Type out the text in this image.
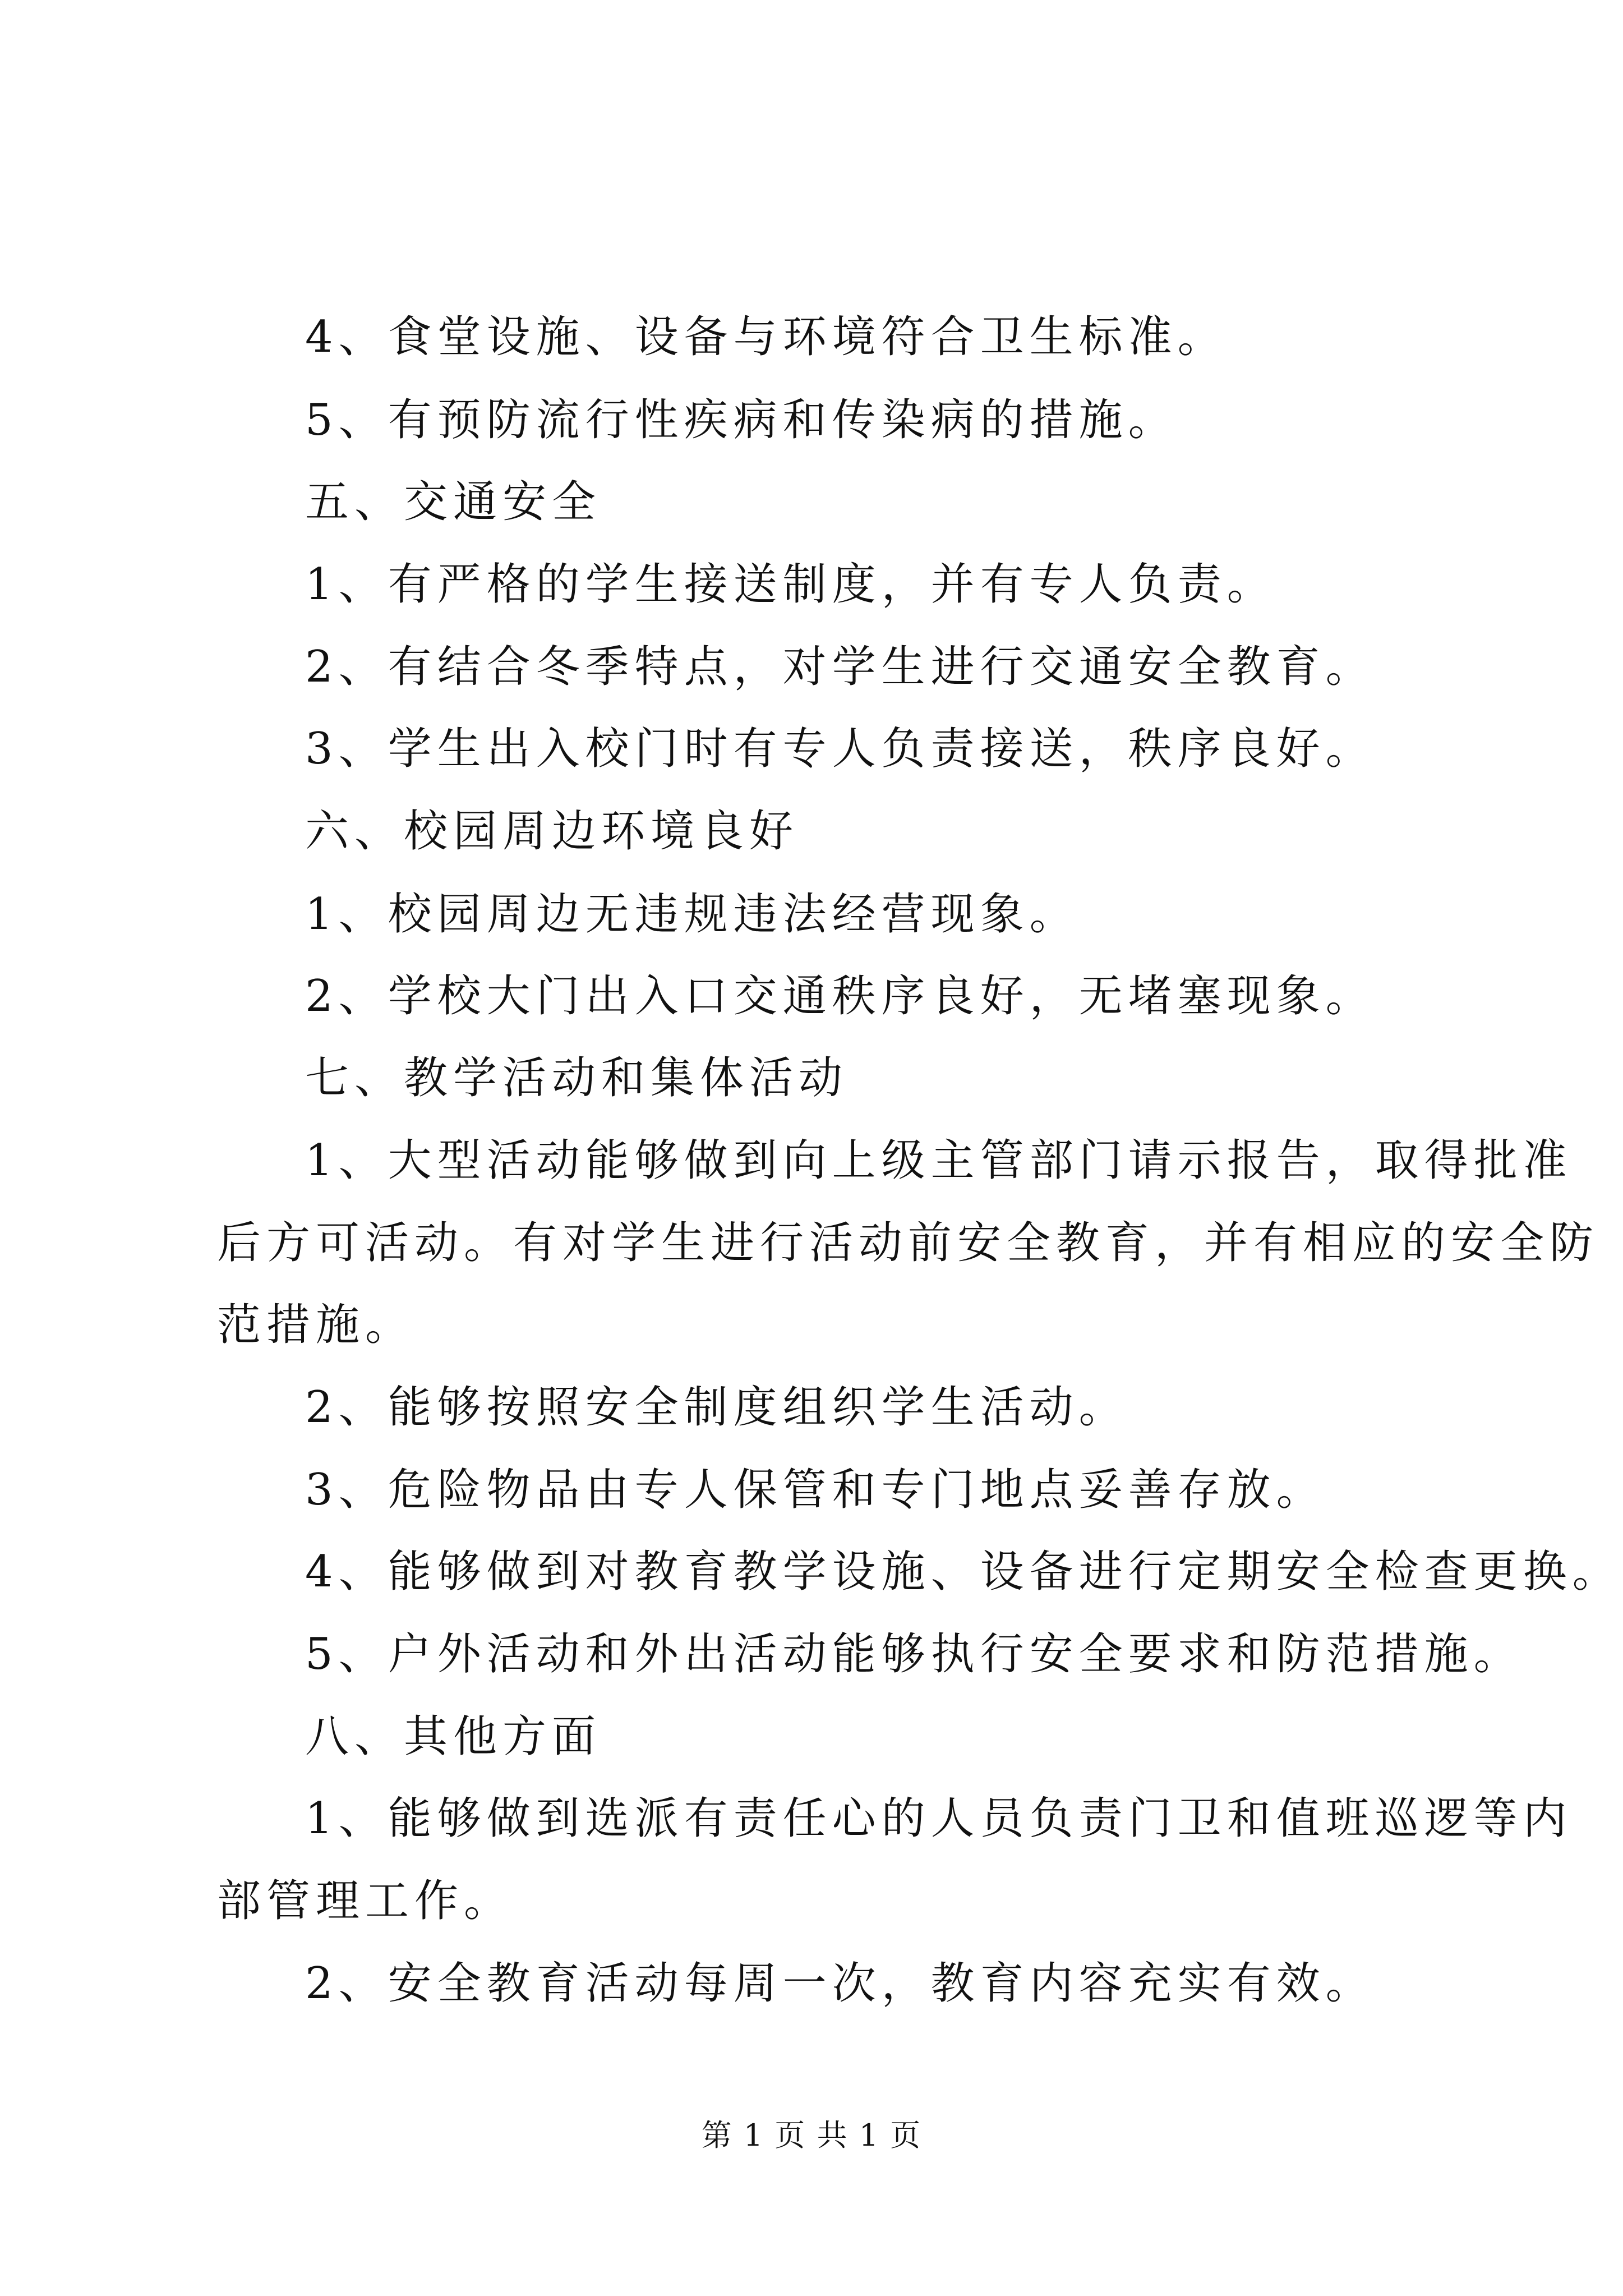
4、食堂设施、设备与环境符合卫生标准。
5、有预防流行性疾病和传染病的措施。
五、交通安全
1、有严格的学生接送制度，并有专人负责。
2、有结合冬季特点，对学生进行交通安全教育。
3、学生出入校门时有专人负责接送，秩序良好。
六、校园周边环境良好
1、校园周边无违规违法经营现象。
2、学校大门出入口交通秩序良好，无堵塞现象。
七、教学活动和集体活动
1、大型活动能够做到向上级主管部门请示报告，取得批准
后方可活动。有对学生进行活动前安全教育，并有相应的安全防
范措施。
2、能够按照安全制度组织学生活动。
3、危险物品由专人保管和专门地点妥善存放。
4、能够做到对教育教学设施、设备进行定期安全检查更换。
5、户外活动和外出活动能够执行安全要求和防范措施。
八、其他方面
1、能够做到选派有责任心的人员负责门卫和值班巡逻等内
部管理工作。
2、安全教育活动每周一次，教育内容充实有效。
第 1 页 共 1 页
